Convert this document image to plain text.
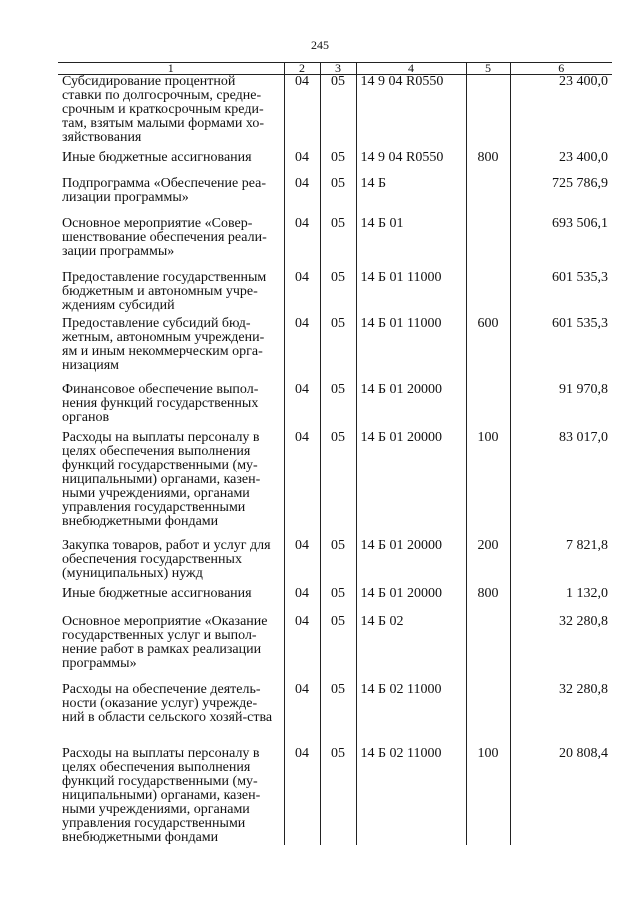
245
1	2	3	4	5	6
Субсидирование процентной ставки по долгосрочным, средне-срочным и краткосрочным креди-там, взятым малыми формами хо-зяйствования	04	05	14 9 04 R0550		23 400,0
Иные бюджетные ассигнования	04	05	14 9 04 R0550	800	23 400,0
Подпрограмма «Обеспечение реа-лизации программы»	04	05	14 Б		725 786,9
Основное мероприятие «Совер-шенствование обеспечения реали-зации программы»	04	05	14 Б 01		693 506,1
Предоставление государственным бюджетным и автономным учре-ждениям субсидий	04	05	14 Б 01 11000		601 535,3
Предоставление субсидий бюд-жетным, автономным учреждени-ям и иным некоммерческим орга-низациям	04	05	14 Б 01 11000	600	601 535,3
Финансовое обеспечение выпол-нения функций государственных органов	04	05	14 Б 01 20000		91 970,8
Расходы на выплаты персоналу в целях обеспечения выполнения функций государственными (му-ниципальными) органами, казен-ными учреждениями, органами управления государственными внебюджетными фондами	04	05	14 Б 01 20000	100	83 017,0
Закупка товаров, работ и услуг для обеспечения государственных (муниципальных) нужд	04	05	14 Б 01 20000	200	7 821,8
Иные бюджетные ассигнования	04	05	14 Б 01 20000	800	1 132,0
Основное мероприятие «Оказание государственных услуг и выпол-нение работ в рамках реализации программы»	04	05	14 Б 02		32 280,8
Расходы на обеспечение деятель-ности (оказание услуг) учрежде-ний в области сельского хозяй-ства	04	05	14 Б 02 11000		32 280,8
Расходы на выплаты персоналу в целях обеспечения выполнения функций государственными (му-ниципальными) органами, казен-ными учреждениями, органами управления государственными внебюджетными фондами	04	05	14 Б 02 11000	100	20 808,4
